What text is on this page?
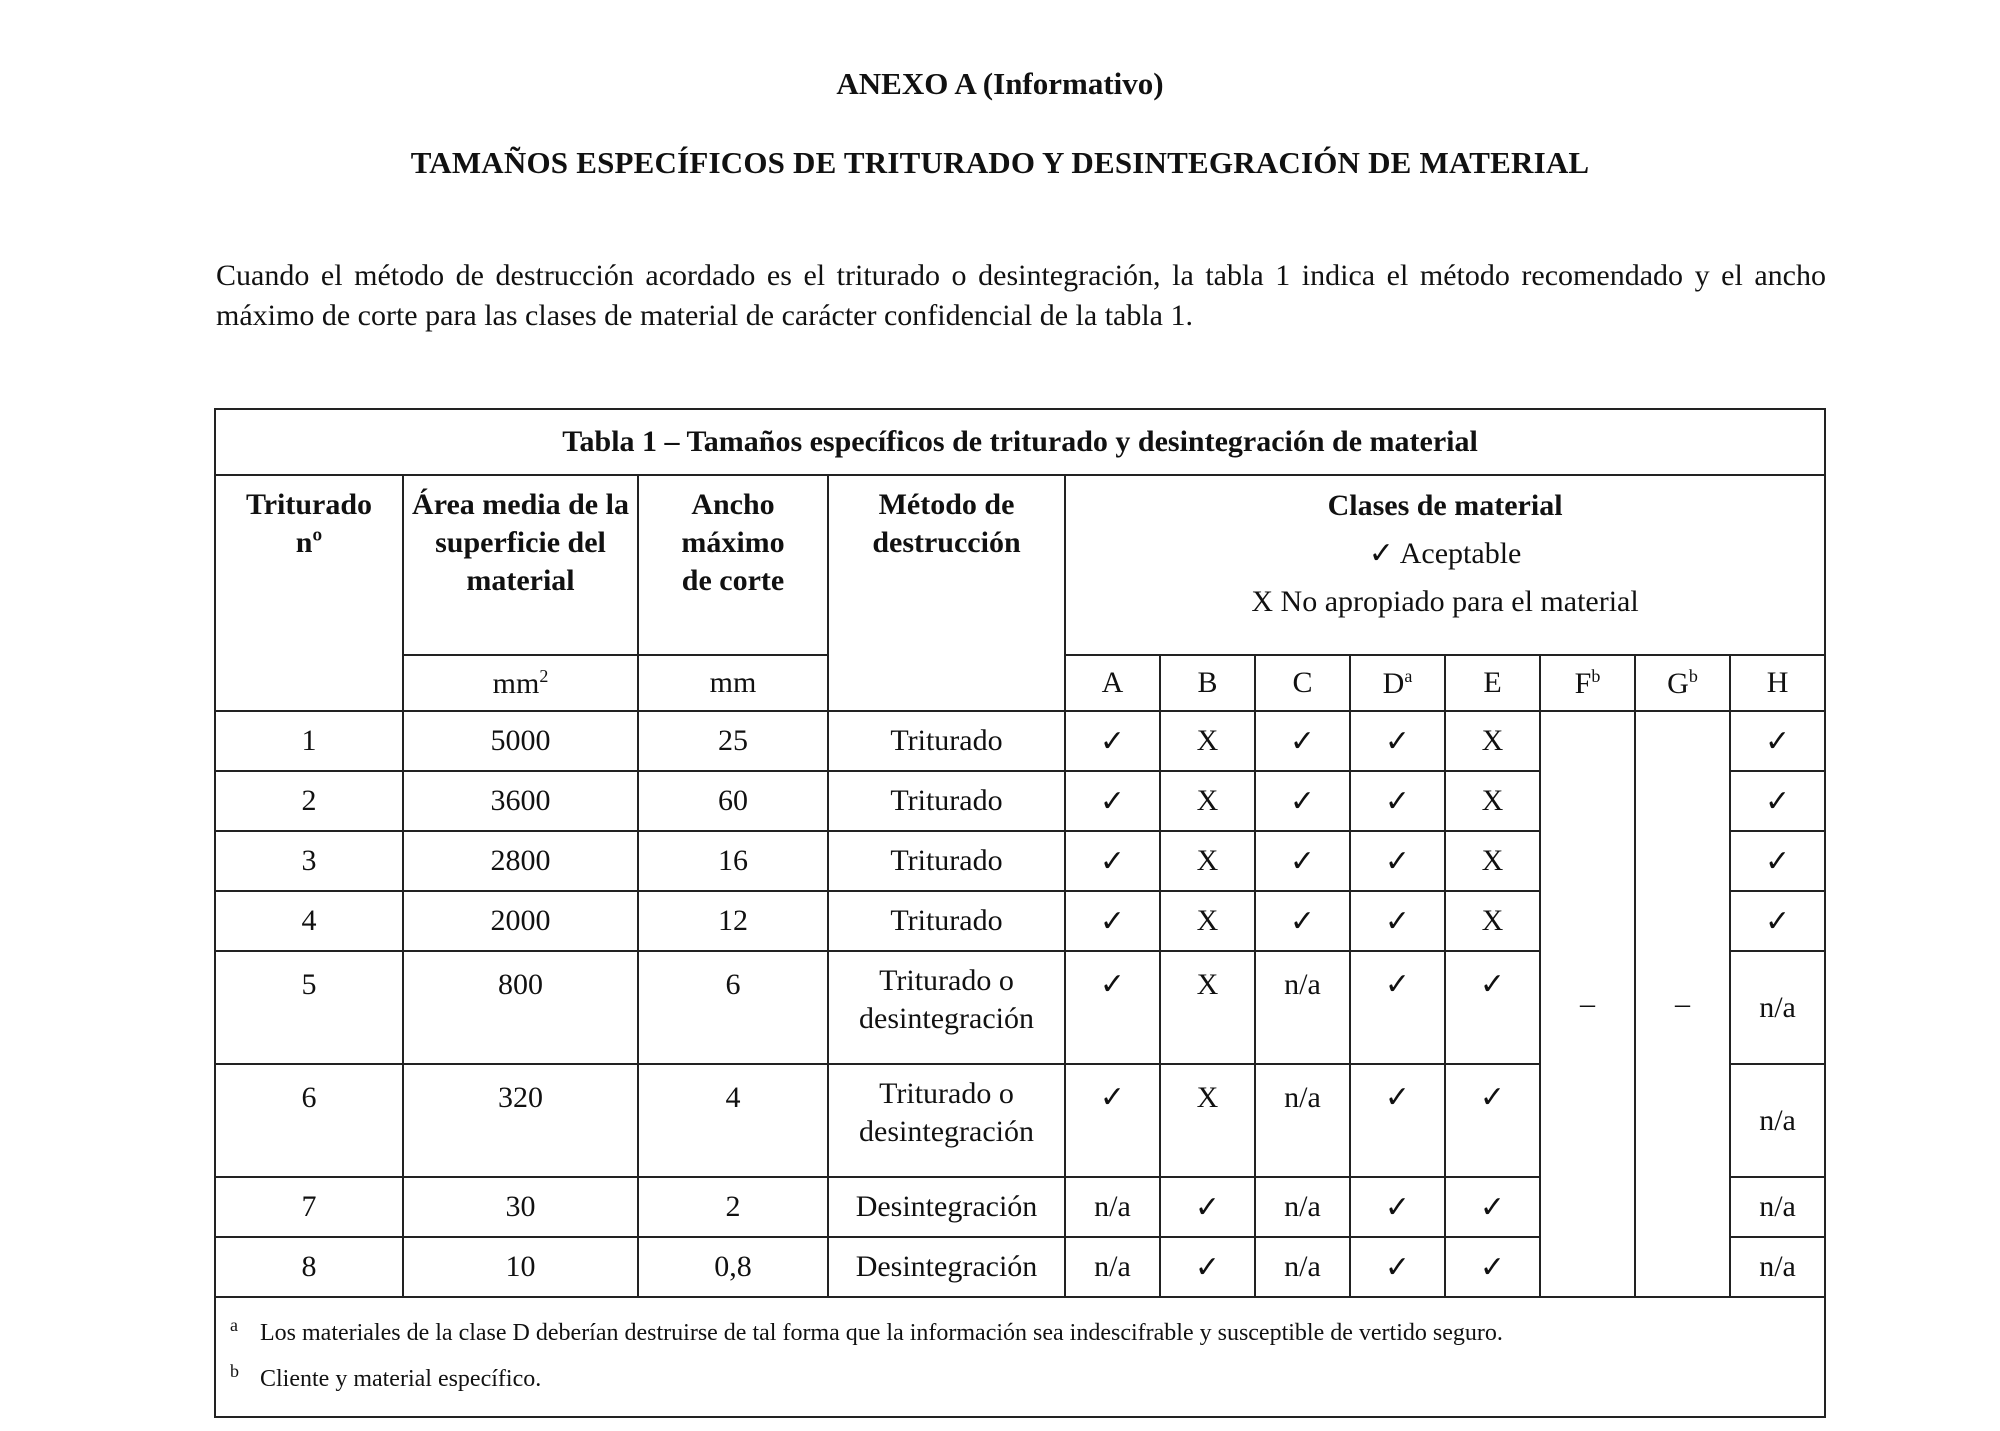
ANEXO A (Informativo)
TAMAÑOS ESPECÍFICOS DE TRITURADO Y DESINTEGRACIÓN DE MATERIAL
Cuando el método de destrucción acordado es el triturado o desintegración, la tabla 1 indica el método recomendado y el ancho máximo de corte para las clases de material de carácter confidencial de la tabla 1.
Tabla 1 – Tamaños específicos de triturado y desintegración de material											
Triturado nº	Área media de la superficie del material	Ancho máximo de corte	Método de destrucción	Clases de material
✓ Aceptable
X No apropiado para el material							

	$mm^2$	mm		A	B	C	$D^a$	E	$F^b$	$G^b$	H
1	5000	25	Triturado	✓	X	✓	✓	X	–	–	✓
2	3600	60	Triturado	✓	X	✓	✓	X			✓
3	2800	16	Triturado	✓	X	✓	✓	X			✓
4	2000	12	Triturado	✓	X	✓	✓	X			✓
5	800	6	Triturado o desintegración	✓	X	n/a	✓	✓			n/a
6	320	4	Triturado o desintegración	✓	X	n/a	✓	✓			n/a
7	30	2	Desintegración	n/a	✓	n/a	✓	✓			n/a
8	10	0,8	Desintegración	n/a	✓	n/a	✓	✓			n/a

a Los materiales de la clase D deberían destruirse de tal forma que la información sea indescifrable y susceptible de vertido seguro.
b Cliente y material específico.											
